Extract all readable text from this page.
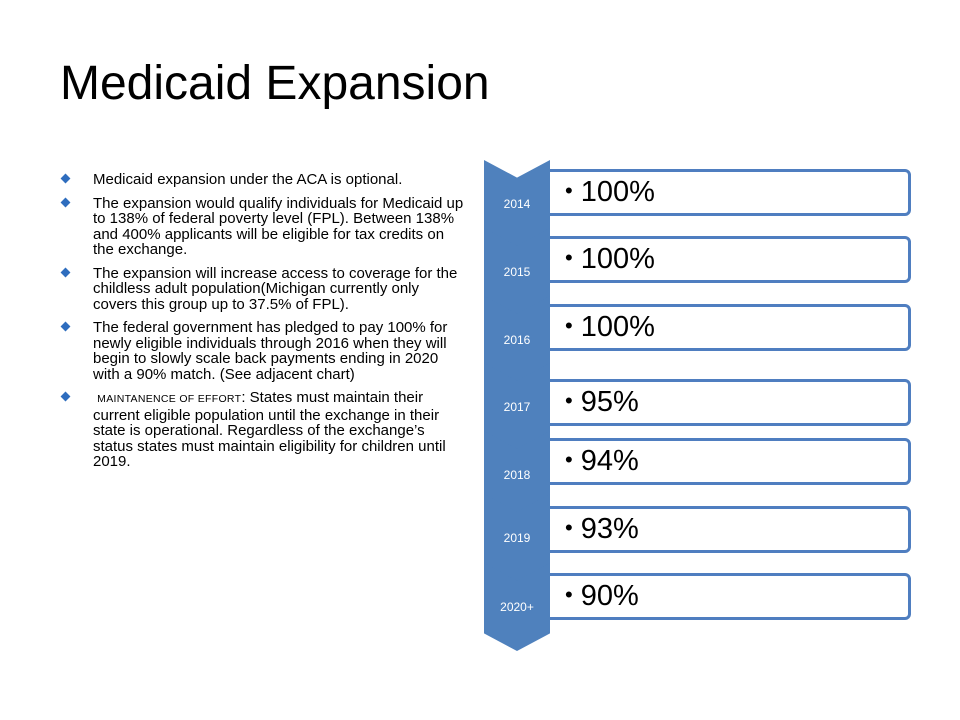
Medicaid Expansion
Medicaid expansion under the ACA is optional.
The expansion would qualify individuals for Medicaid up to 138% of federal poverty level (FPL). Between 138% and 400% applicants will be eligible for tax credits on the exchange.
The expansion will increase access to coverage for the childless adult population(Michigan currently only covers this group up to 37.5% of FPL).
The federal government has pledged to pay 100% for newly eligible individuals through 2016 when they will begin to slowly scale back payments ending in 2020 with a 90% match. (See adjacent chart)
MAINTANENCE OF EFFORT: States must maintain their current eligible population until the exchange in their state is operational. Regardless of the exchange’s status states must maintain eligibility for children until 2019.
• 100%
• 100%
• 100%
• 95%
• 94%
• 93%
• 90%
2014
2015
2016
2017
2018
2019
2020+
